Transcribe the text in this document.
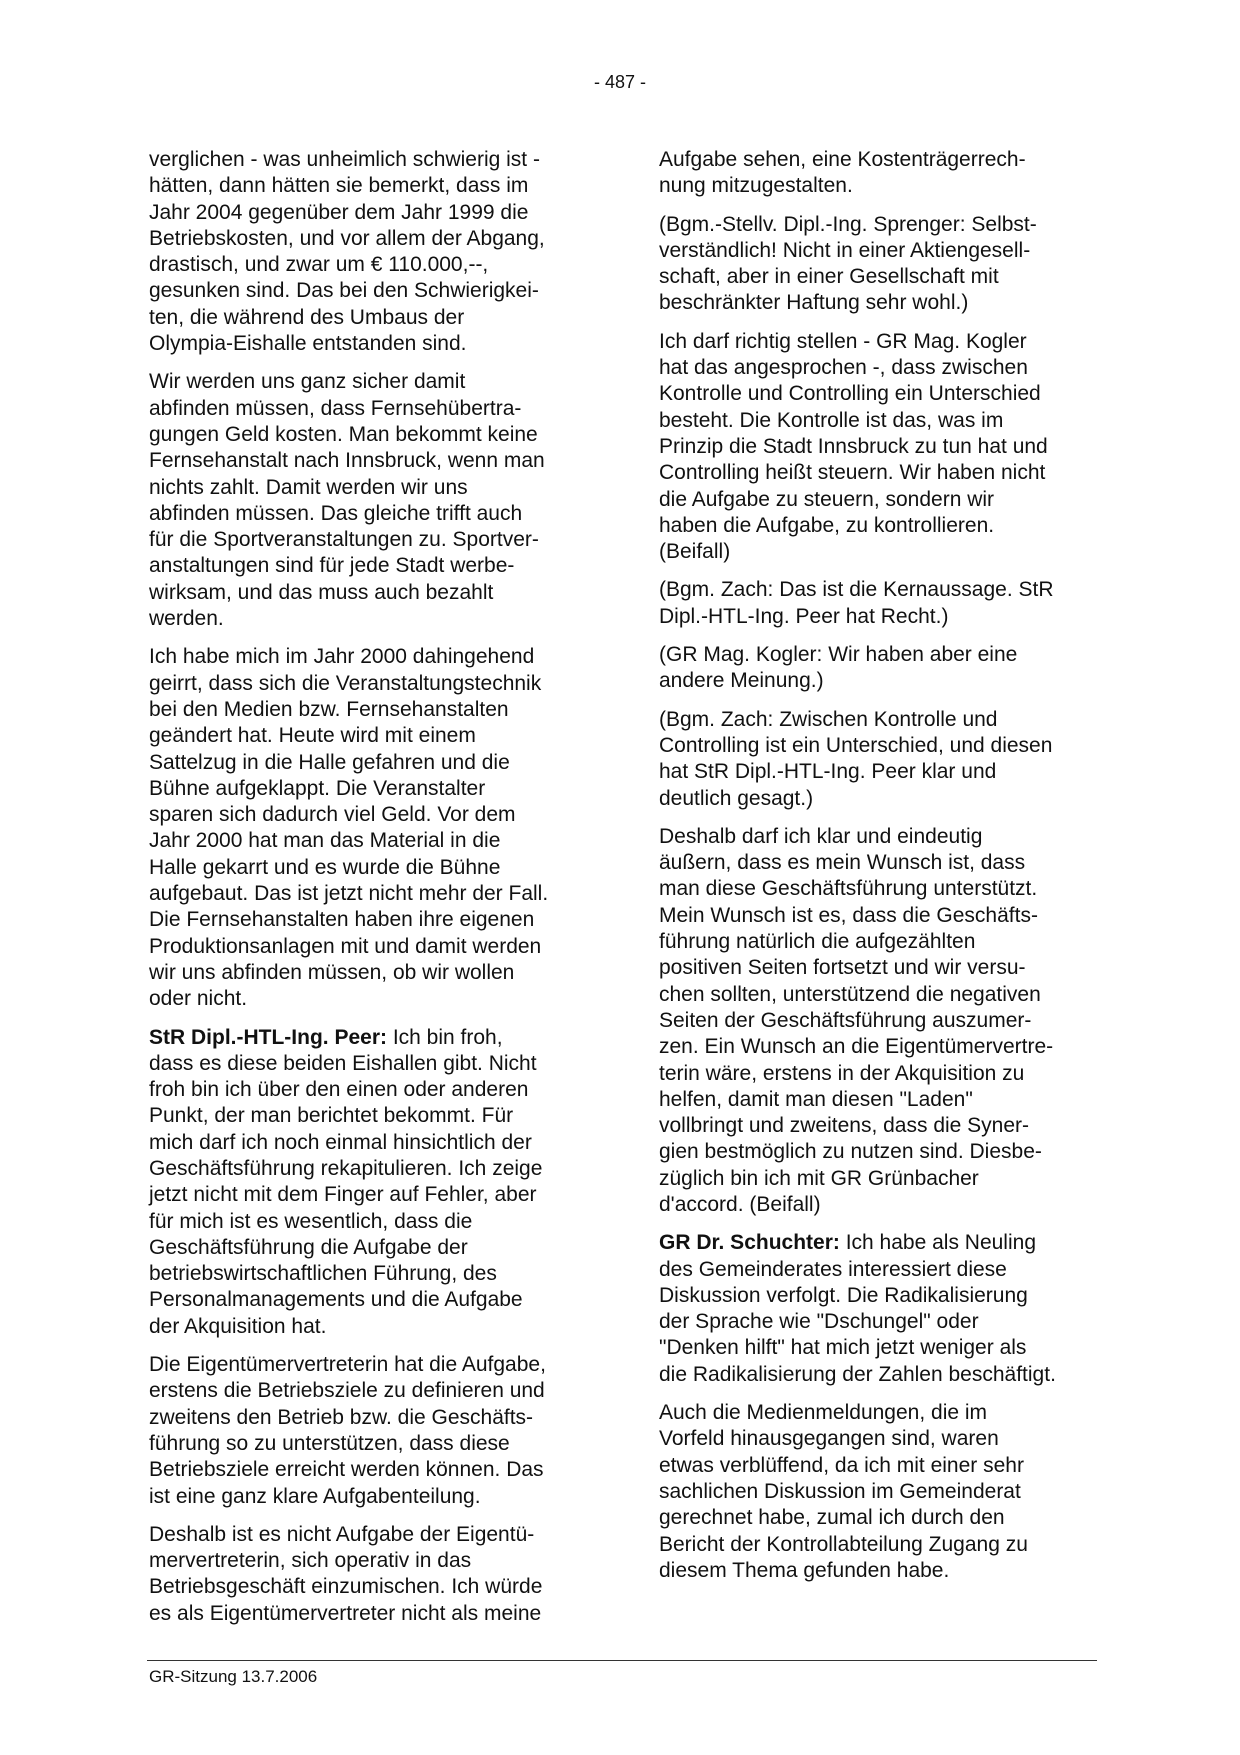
- 487 -
verglichen - was unheimlich schwierig ist -
hätten, dann hätten sie bemerkt, dass im
Jahr 2004 gegenüber dem Jahr 1999 die
Betriebskosten, und vor allem der Abgang,
drastisch, und zwar um € 110.000,--,
gesunken sind. Das bei den Schwierigkei-
ten, die während des Umbaus der
Olympia-Eishalle entstanden sind.
Wir werden uns ganz sicher damit
abfinden müssen, dass Fernsehübertra-
gungen Geld kosten. Man bekommt keine
Fernsehanstalt nach Innsbruck, wenn man
nichts zahlt. Damit werden wir uns
abfinden müssen. Das gleiche trifft auch
für die Sportveranstaltungen zu. Sportver-
anstaltungen sind für jede Stadt werbe-
wirksam, und das muss auch bezahlt
werden.
Ich habe mich im Jahr 2000 dahingehend
geirrt, dass sich die Veranstaltungstechnik
bei den Medien bzw. Fernsehanstalten
geändert hat. Heute wird mit einem
Sattelzug in die Halle gefahren und die
Bühne aufgeklappt. Die Veranstalter
sparen sich dadurch viel Geld. Vor dem
Jahr 2000 hat man das Material in die
Halle gekarrt und es wurde die Bühne
aufgebaut. Das ist jetzt nicht mehr der Fall.
Die Fernsehanstalten haben ihre eigenen
Produktionsanlagen mit und damit werden
wir uns abfinden müssen, ob wir wollen
oder nicht.
StR Dipl.-HTL-Ing. Peer: Ich bin froh,
dass es diese beiden Eishallen gibt. Nicht
froh bin ich über den einen oder anderen
Punkt, der man berichtet bekommt. Für
mich darf ich noch einmal hinsichtlich der
Geschäftsführung rekapitulieren. Ich zeige
jetzt nicht mit dem Finger auf Fehler, aber
für mich ist es wesentlich, dass die
Geschäftsführung die Aufgabe der
betriebswirtschaftlichen Führung, des
Personalmanagements und die Aufgabe
der Akquisition hat.
Die Eigentümervertreterin hat die Aufgabe,
erstens die Betriebsziele zu definieren und
zweitens den Betrieb bzw. die Geschäfts-
führung so zu unterstützen, dass diese
Betriebsziele erreicht werden können. Das
ist eine ganz klare Aufgabenteilung.
Deshalb ist es nicht Aufgabe der Eigentü-
mervertreterin, sich operativ in das
Betriebsgeschäft einzumischen. Ich würde
es als Eigentümervertreter nicht als meine
Aufgabe sehen, eine Kostenträgerrech-
nung mitzugestalten.
(Bgm.-Stellv. Dipl.-Ing. Sprenger: Selbst-
verständlich! Nicht in einer Aktiengesell-
schaft, aber in einer Gesellschaft mit
beschränkter Haftung sehr wohl.)
Ich darf richtig stellen - GR Mag. Kogler
hat das angesprochen -, dass zwischen
Kontrolle und Controlling ein Unterschied
besteht. Die Kontrolle ist das, was im
Prinzip die Stadt Innsbruck zu tun hat und
Controlling heißt steuern. Wir haben nicht
die Aufgabe zu steuern, sondern wir
haben die Aufgabe, zu kontrollieren.
(Beifall)
(Bgm. Zach: Das ist die Kernaussage. StR
Dipl.-HTL-Ing. Peer hat Recht.)
(GR Mag. Kogler: Wir haben aber eine
andere Meinung.)
(Bgm. Zach: Zwischen Kontrolle und
Controlling ist ein Unterschied, und diesen
hat StR Dipl.-HTL-Ing. Peer klar und
deutlich gesagt.)
Deshalb darf ich klar und eindeutig
äußern, dass es mein Wunsch ist, dass
man diese Geschäftsführung unterstützt.
Mein Wunsch ist es, dass die Geschäfts-
führung natürlich die aufgezählten
positiven Seiten fortsetzt und wir versu-
chen sollten, unterstützend die negativen
Seiten der Geschäftsführung auszumer-
zen. Ein Wunsch an die Eigentümervertre-
terin wäre, erstens in der Akquisition zu
helfen, damit man diesen "Laden"
vollbringt und zweitens, dass die Syner-
gien bestmöglich zu nutzen sind. Diesbe-
züglich bin ich mit GR Grünbacher
d'accord. (Beifall)
GR Dr. Schuchter: Ich habe als Neuling
des Gemeinderates interessiert diese
Diskussion verfolgt. Die Radikalisierung
der Sprache wie "Dschungel" oder
"Denken hilft" hat mich jetzt weniger als
die Radikalisierung der Zahlen beschäftigt.
Auch die Medienmeldungen, die im
Vorfeld hinausgegangen sind, waren
etwas verblüffend, da ich mit einer sehr
sachlichen Diskussion im Gemeinderat
gerechnet habe, zumal ich durch den
Bericht der Kontrollabteilung Zugang zu
diesem Thema gefunden habe.
GR-Sitzung 13.7.2006
